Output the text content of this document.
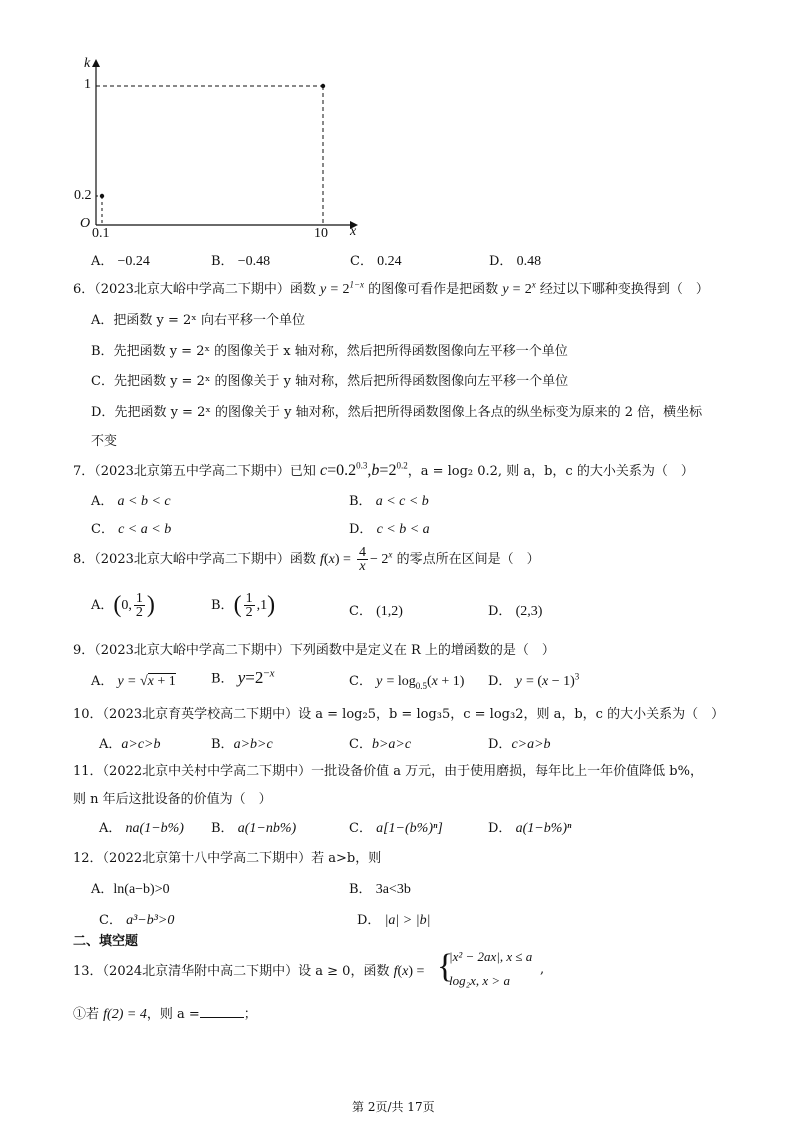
k
1
0.2
O
0.1	10 x
A． −0.24	B． −0.48	C． 0.24	D． 0.48
6．（2023北京大峪中学高二下期中）函数 $y = 2^{1-x}$ 的图像可看作是把函数 $y = 2^x$ 经过以下哪种变换得到（　）
A．把函数 y = 2ˣ 向右平移一个单位
B．先把函数 y = 2ˣ 的图像关于 x 轴对称，然后把所得函数图像向左平移一个单位
C．先把函数 y = 2ˣ 的图像关于 y 轴对称，然后把所得函数图像向左平移一个单位
D．先把函数 y = 2ˣ 的图像关于 y 轴对称，然后把所得函数图像上各点的纵坐标变为原来的 2 倍，横坐标
不变
7．（2023北京第五中学高二下期中）已知 $c=0.2^{0.3},b=2^{0.2}$，a = log₂ 0.2, 则 a，b，c 的大小关系为（　）
A． a < b < c	B． a < c < b
C． c < a < b	D． c < b < a
8．（2023北京大峪中学高二下期中）函数 $f(x) = \frac{4}{x} - 2^x$ 的零点所在区间是（　）
A．(0, $\frac{1}{2}$ )	B．( $\frac{1}{2} ,1$)	C． (1,2)	D． (2,3)
9．（2023北京大峪中学高二下期中）下列函数中是定义在 R 上的增函数的是（　）
A． y = √x + 1	B． $y=2^{-x}$
C． $y = \log_{0.5}(x + 1)$ D． $y = (x - 1)^3$
10．（2023北京育英学校高二下期中）设 a = log₂5，b = log₃5，c = log₃2，则 a，b，c 的大小关系为（　）
A．a>c>b	B．a>b>c	C．b>a>c	D．c>a>b
11．（2022北京中关村中学高二下期中）一批设备价值 a 万元，由于使用磨损，每年比上一年价值降低 b%，
则 n 年后这批设备的价值为（　）
A． na(1−b%) B． a(1−nb%)	C． a[1−(b%)ⁿ]	D． a(1−b%)ⁿ
12．（2022北京第十八中学高二下期中）若 a>b，则
A．ln(a−b)>0	B． 3a<3b
C． a³−b³>0	D． |a| > |b|
二、填空题
13．（2024北京清华附中高二下期中）设 a ≥ 0，函数 f(x) = {
|x² − 2ax|, x ≤ a
log₂x, x > a
,
①若 f(2) = 4，则 a =	；
第 2页/共 17页
